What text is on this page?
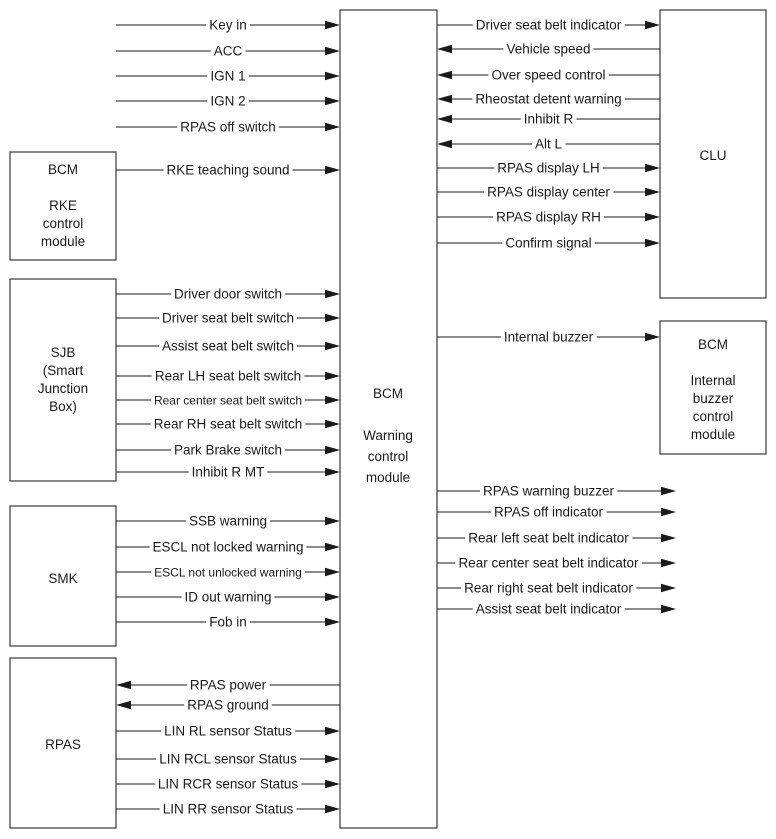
BCM Warning control module
BCM RKE control module
SJB (Smart Junction Box)
SMK
RPAS
CLU
BCM Internal buzzer control module
Key in
ACC
IGN 1
IGN 2
RPAS off switch
RKE teaching sound
Driver door switch
Driver seat belt switch
Assist seat belt switch
Rear LH seat belt switch
Rear center seat belt switch
Rear RH seat belt switch
Park Brake switch
Inhibit R MT
SSB warning
ESCL not locked warning
ESCL not unlocked warning
ID out warning
Fob in
RPAS power
RPAS ground
LIN RL sensor Status
LIN RCL sensor Status
LIN RCR sensor Status
LIN RR sensor Status
Driver seat belt indicator
Vehicle speed
Over speed control
Rheostat detent warning
Inhibit R
Alt L
RPAS display LH
RPAS display center
RPAS display RH
Confirm signal
Internal buzzer
RPAS warning buzzer
RPAS off indicator
Rear left seat belt indicator
Rear center seat belt indicator
Rear right seat belt indicator
Assist seat belt indicator
